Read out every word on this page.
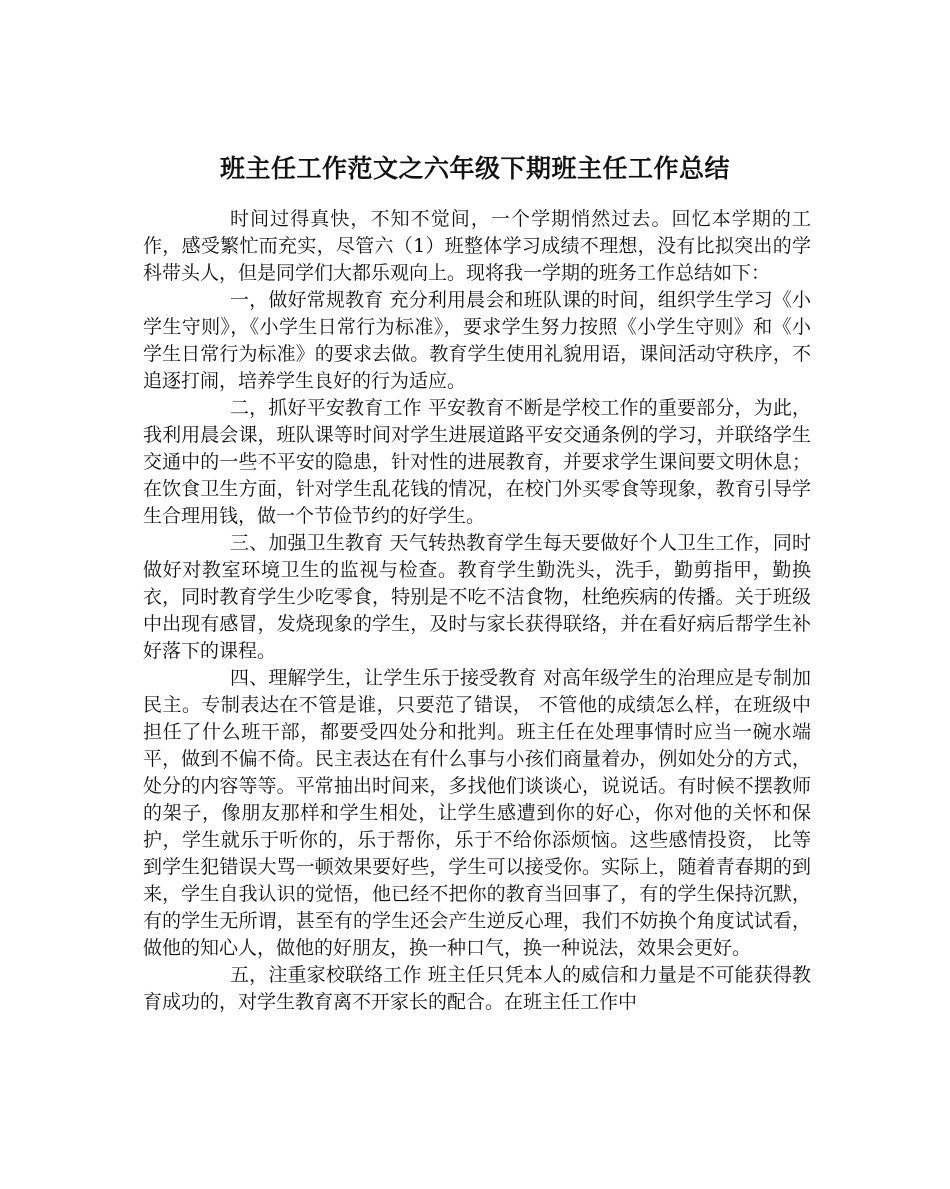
班主任工作范文之六年级下期班主任工作总结

时间过得真快，不知不觉间，一个学期悄然过去。回忆本学期的工作，感受繁忙而充实，尽管六（1）班整体学习成绩不理想，没有比拟突出的学科带头人，但是同学们大都乐观向上。现将我一学期的班务工作总结如下：

一，做好常规教育 充分利用晨会和班队课的时间，组织学生学习《小学生守则》，《小学生日常行为标准》，要求学生努力按照《小学生守则》和《小学生日常行为标准》的要求去做。教育学生使用礼貌用语，课间活动守秩序，不追逐打闹，培养学生良好的行为适应。

二，抓好平安教育工作 平安教育不断是学校工作的重要部分，为此，我利用晨会课，班队课等时间对学生进展道路平安交通条例的学习，并联络学生交通中的一些不平安的隐患，针对性的进展教育，并要求学生课间要文明休息；在饮食卫生方面，针对学生乱花钱的情况，在校门外买零食等现象，教育引导学生合理用钱，做一个节俭节约的好学生。

三、加强卫生教育 天气转热教育学生每天要做好个人卫生工作，同时做好对教室环境卫生的监视与检查。教育学生勤洗头，洗手，勤剪指甲，勤换衣，同时教育学生少吃零食，特别是不吃不洁食物，杜绝疾病的传播。关于班级中出现有感冒，发烧现象的学生，及时与家长获得联络，并在看好病后帮学生补好落下的课程。

四、理解学生，让学生乐于接受教育 对高年级学生的治理应是专制加民主。专制表达在不管是谁，只要范了错误， 不管他的成绩怎么样，在班级中担任了什么班干部，都要受四处分和批判。班主任在处理事情时应当一碗水端平，做到不偏不倚。民主表达在有什么事与小孩们商量着办，例如处分的方式，处分的内容等等。平常抽出时间来，多找他们谈谈心，说说话。有时候不摆教师的架子，像朋友那样和学生相处，让学生感遭到你的好心，你对他的关怀和保护，学生就乐于听你的，乐于帮你，乐于不给你添烦恼。这些感情投资， 比等到学生犯错误大骂一顿效果要好些，学生可以接受你。实际上，随着青春期的到来，学生自我认识的觉悟，他已经不把你的教育当回事了，有的学生保持沉默，有的学生无所谓，甚至有的学生还会产生逆反心理，我们不妨换个角度试试看，做他的知心人，做他的好朋友，换一种口气，换一种说法，效果会更好。

五，注重家校联络工作 班主任只凭本人的威信和力量是不可能获得教育成功的，对学生教育离不开家长的配合。在班主任工作中
